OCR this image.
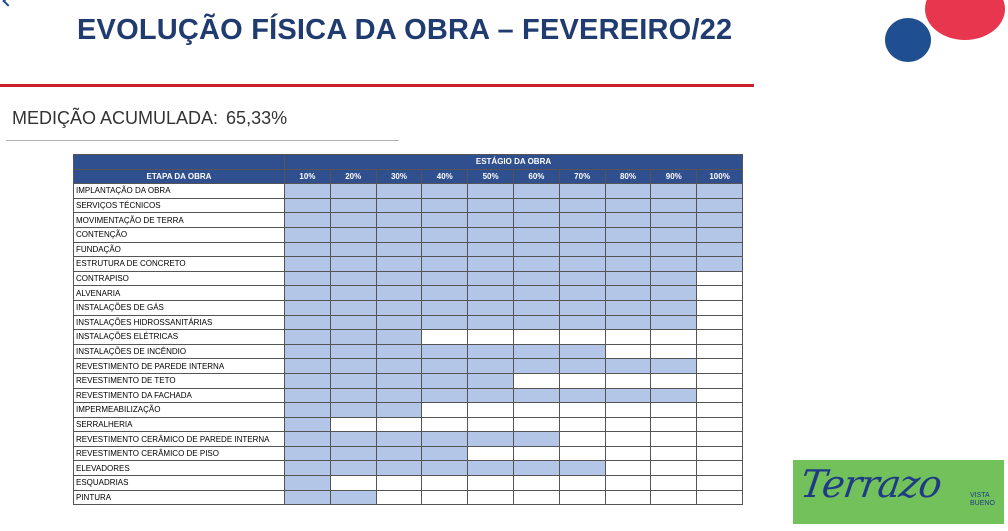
EVOLUÇÃO FÍSICA DA OBRA – FEVEREIRO/22
MEDIÇÃO ACUMULADA: 65,33%
	ESTÁGIO DA OBRA									
ETAPA DA OBRA	10%	20%	30%	40%	50%	60%	70%	80%	90%	100%
IMPLANTAÇÃO DA OBRA										
SERVIÇOS TÉCNICOS										
MOVIMENTAÇÃO DE TERRA										
CONTENÇÃO										
FUNDAÇÃO										
ESTRUTURA DE CONCRETO										
CONTRAPISO										
ALVENARIA										
INSTALAÇÕES DE GÁS										
INSTALAÇÕES HIDROSSANITÁRIAS										
INSTALAÇÕES ELÉTRICAS										
INSTALAÇÕES DE INCÊNDIO										
REVESTIMENTO DE PAREDE INTERNA										
REVESTIMENTO DE TETO										
REVESTIMENTO DA FACHADA										
IMPERMEABILIZAÇÃO										
SERRALHERIA										
REVESTIMENTO CERÂMICO DE PAREDE INTERNA										
REVESTIMENTO CERÂMICO DE PISO										
ELEVADORES										
ESQUADRIAS										
PINTURA											Terrazo	VISTA
BUENO
